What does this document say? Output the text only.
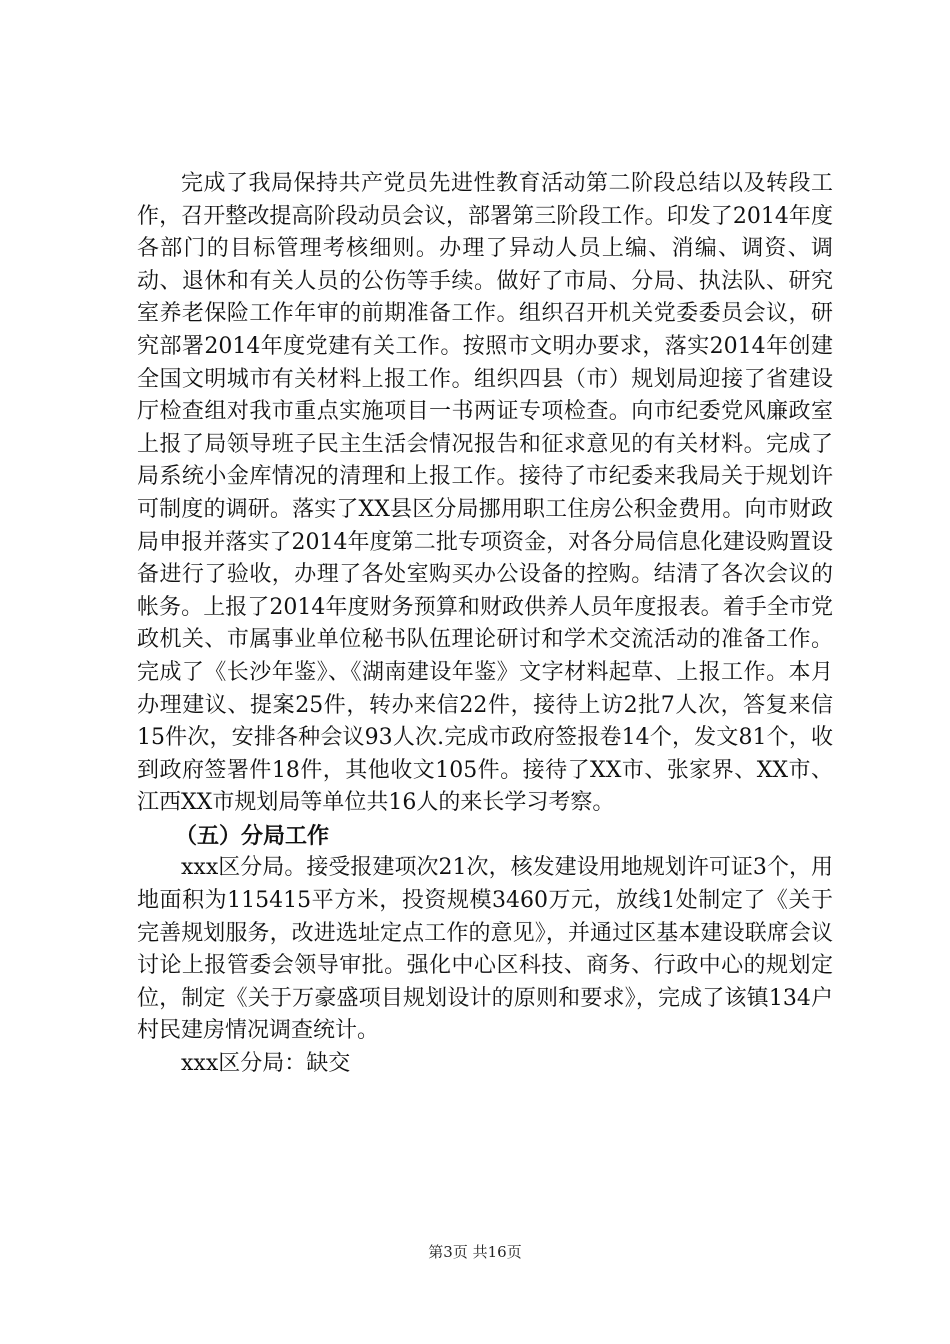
完成了我局保持共产党员先进性教育活动第二阶段总结以及转段工作，召开整改提高阶段动员会议，部署第三阶段工作。印发了2014年度各部门的目标管理考核细则。办理了异动人员上编、消编、调资、调动、退休和有关人员的公伤等手续。做好了市局、分局、执法队、研究室养老保险工作年审的前期准备工作。组织召开机关党委委员会议，研究部署2014年度党建有关工作。按照市文明办要求，落实2014年创建全国文明城市有关材料上报工作。组织四县（市）规划局迎接了省建设厅检查组对我市重点实施项目一书两证专项检查。向市纪委党风廉政室上报了局领导班子民主生活会情况报告和征求意见的有关材料。完成了局系统小金库情况的清理和上报工作。接待了市纪委来我局关于规划许可制度的调研。落实了XX县区分局挪用职工住房公积金费用。向市财政局申报并落实了2014年度第二批专项资金，对各分局信息化建设购置设备进行了验收，办理了各处室购买办公设备的控购。结清了各次会议的帐务。上报了2014年度财务预算和财政供养人员年度报表。着手全市党政机关、市属事业单位秘书队伍理论研讨和学术交流活动的准备工作。完成了《长沙年鉴》、《湖南建设年鉴》文字材料起草、上报工作。本月办理建议、提案25件，转办来信22件，接待上访2批7人次，答复来信15件次，安排各种会议93人次.完成市政府签报卷14个，发文81个，收到政府签署件18件，其他收文105件。接待了XX市、张家界、XX市、江西XX市规划局等单位共16人的来长学习考察。

（五）分局工作

xxx区分局。接受报建项次21次，核发建设用地规划许可证3个，用地面积为115415平方米，投资规模3460万元，放线1处制定了《关于完善规划服务，改进选址定点工作的意见》，并通过区基本建设联席会议讨论上报管委会领导审批。强化中心区科技、商务、行政中心的规划定位，制定《关于万豪盛项目规划设计的原则和要求》，完成了该镇134户村民建房情况调查统计。

xxx区分局：缺交

第3页 共16页
